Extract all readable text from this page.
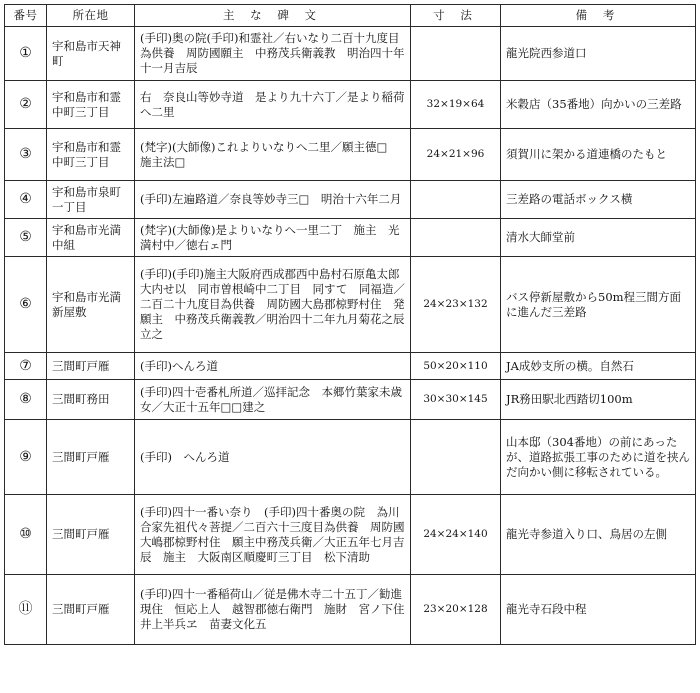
番号	所在地	主 な 碑 文	寸 法	備 考
①	宇和島市天神町	(手印)奥の院(手印)和霊社／右いなり二百十九度目為供養　周防國願主　中務茂兵衛義教　明治四十年十一月吉辰		龍光院西参道口
②	宇和島市和霊中町三丁目	右　奈良山等妙寺道　是より九十六丁／是より稲荷へ二里	32×19×64	米穀店（35番地）向かいの三差路
③	宇和島市和霊中町三丁目	(梵字)(大師像)これよりいなりへ二里／願主德□　施主法□	24×21×96	須賀川に架かる道連橋のたもと
④	宇和島市泉町一丁目	(手印)左遍路道／奈良等妙寺三□　明治十六年二月		三差路の電話ボックス横
⑤	宇和島市光満中組	(梵字)(大師像)是よりいなりへ一里二丁　施主　光満村中／徳右ェ門		清水大師堂前
⑥	宇和島市光満新屋敷	(手印)(手印)施主大阪府西成郡西中島村石原亀太郎　大内せ以　同市曽根崎中二丁目　同すて　同福造／二百二十九度目為供養　周防國大島郡椋野村住　発願主　中務茂兵衛義教／明治四十二年九月菊花之辰立之	24×23×132	バス停新屋敷から50m程三間方面に進んだ三差路
⑦	三間町戸雁	(手印)へんろ道	50×20×110	JA成妙支所の横。自然石
⑧	三間町務田	(手印)四十壱番札所道／巡拝記念　本郷竹葉家未歳女／大正十五年□□建之	30×30×145	JR務田駅北西踏切100m
⑨	三間町戸雁	(手印)　へんろ道		山本邸（304番地）の前にあったが、道路拡張工事のために道を挟んだ向かい側に移転されている。
⑩	三間町戸雁	(手印)四十一番い奈り　(手印)四十番奥の院　為川合家先祖代々菩提／二百六十三度目為供養　周防國大嶋郡椋野村住　願主中務茂兵衛／大正五年七月吉辰　施主　大阪南区順慶町三丁目　松下清助	24×24×140	龍光寺参道入り口、鳥居の左側
⑪	三間町戸雁	(手印)四十一番稲荷山／従是佛木寺二十五丁／勧進　現住　恒応上人　越智郡徳右衛門　施財　宮ノ下住　井上半兵ヱ　苗妻文化五	23×20×128	龍光寺石段中程
